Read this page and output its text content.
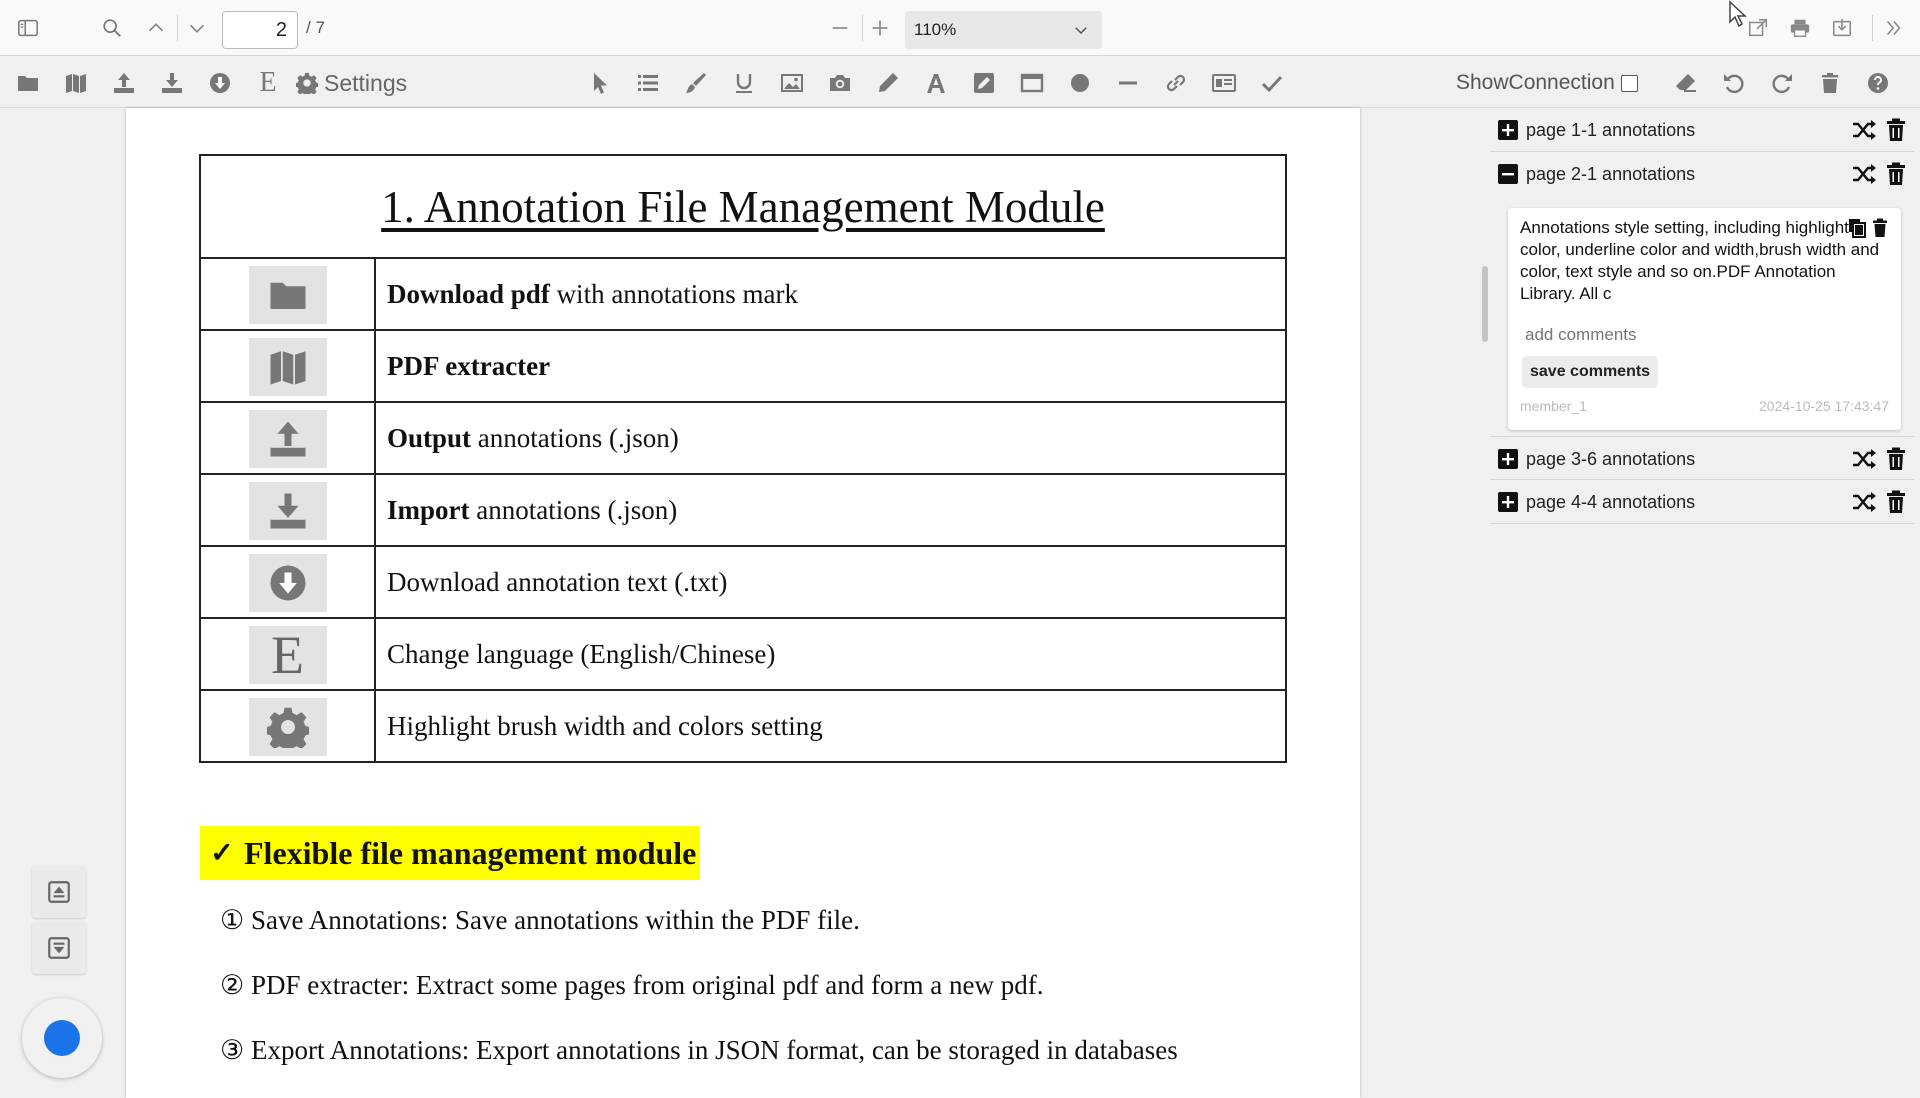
2
/ 7	110%
E Settings	ShowConnection
1. Annotation File Management Module	

	Download pdf with annotations mark

	PDF extracter

	Output annotations (.json)

	Import annotations (.json)

	Download annotation text (.txt)

E	Change language (English/Chinese)

	Highlight brush width and colors setting
✓ Flexible file management module
① Save Annotations: Save annotations within the PDF file.
② PDF extracter: Extract some pages from original pdf and form a new pdf.
③ Export Annotations: Export annotations in JSON format, can be storaged in databases
page 1-1 annotations
page 2-1 annotations
Annotations style setting, including highlight color, underline color and width,brush width and color, text style and so on.PDF Annotation Library. All c
add comments
save comments
member_1	2024-10-25 17:43:47
page 3-6 annotations
page 4-4 annotations
